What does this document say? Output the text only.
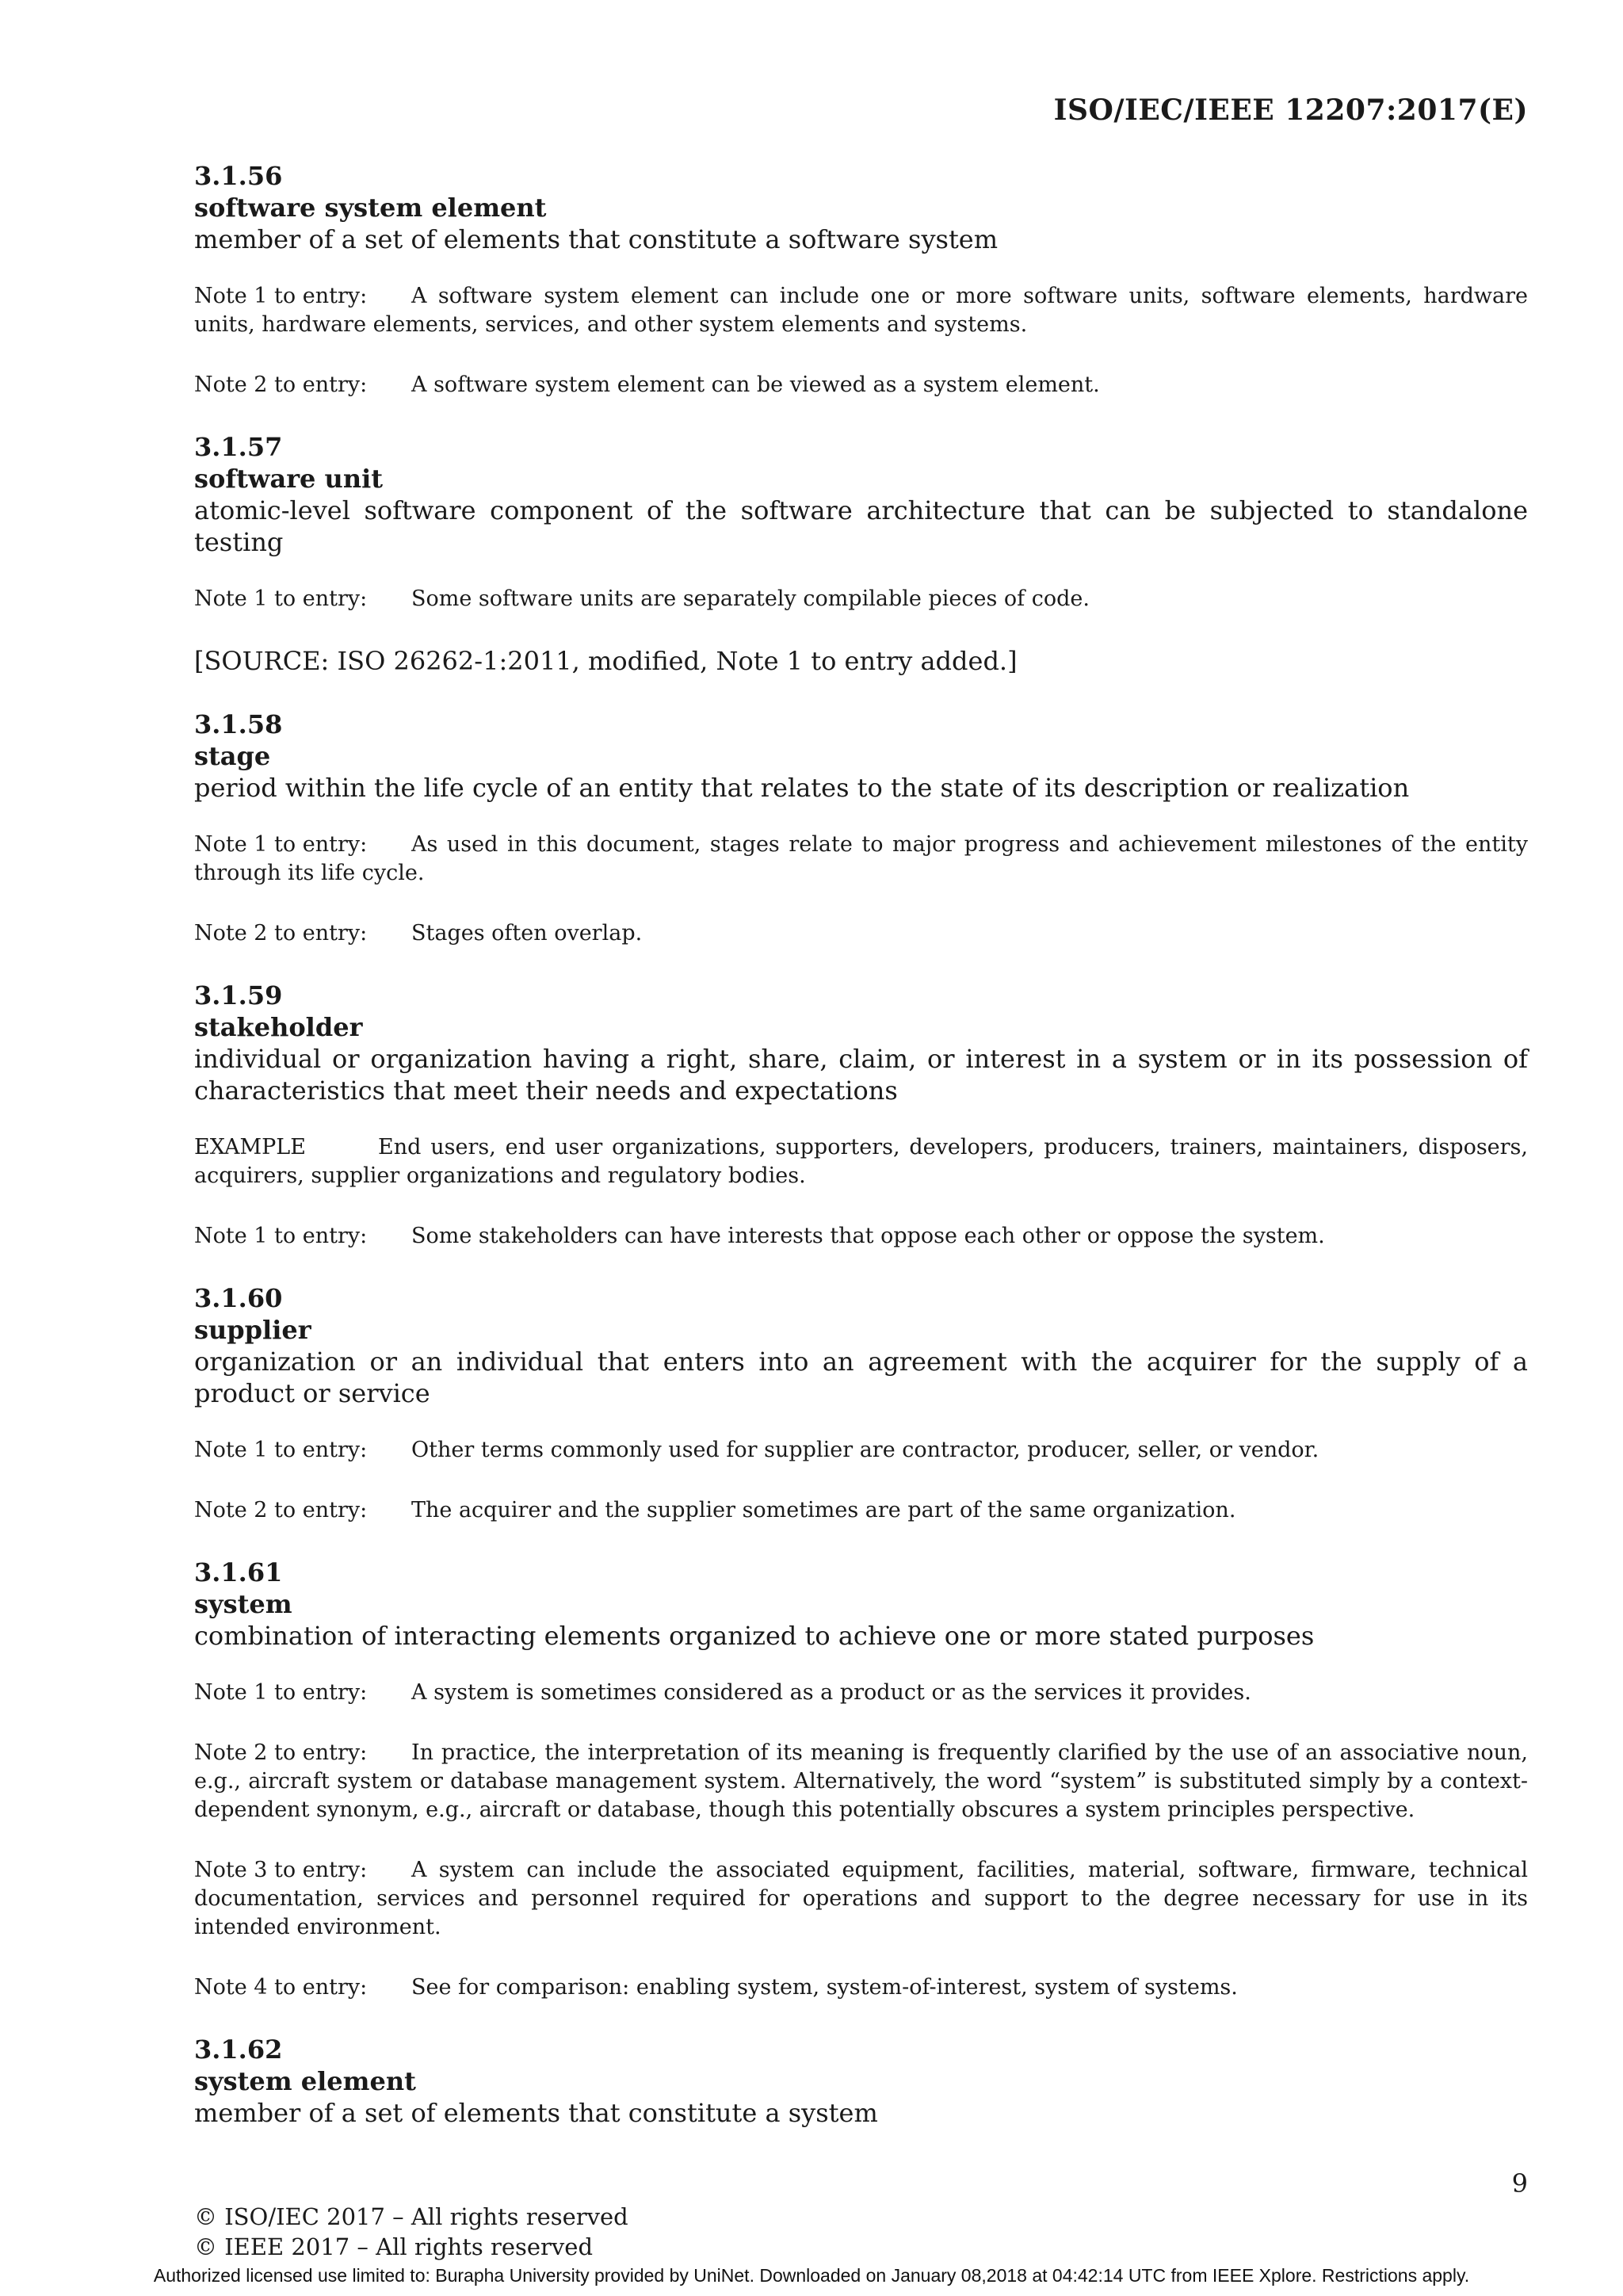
ISO/IEC/IEEE 12207:2017(E)
3.1.56
software system element
member of a set of elements that constitute a software system
Note 1 to entry: A software system element can include one or more software units, software elements, hardware units, hardware elements, services, and other system elements and systems.
Note 2 to entry: A software system element can be viewed as a system element.
3.1.57
software unit
atomic-level software component of the software architecture that can be subjected to standalone testing
Note 1 to entry: Some software units are separately compilable pieces of code.
[SOURCE: ISO 26262-1:2011, modified, Note 1 to entry added.]
3.1.58
stage
period within the life cycle of an entity that relates to the state of its description or realization
Note 1 to entry: As used in this document, stages relate to major progress and achievement milestones of the entity through its life cycle.
Note 2 to entry: Stages often overlap.
3.1.59
stakeholder
individual or organization having a right, share, claim, or interest in a system or in its possession of characteristics that meet their needs and expectations
EXAMPLE	End users, end user organizations, supporters, developers, producers, trainers, maintainers, disposers, acquirers, supplier organizations and regulatory bodies.
Note 1 to entry: Some stakeholders can have interests that oppose each other or oppose the system.
3.1.60
supplier
organization or an individual that enters into an agreement with the acquirer for the supply of a product or service
Note 1 to entry: Other terms commonly used for supplier are contractor, producer, seller, or vendor.
Note 2 to entry: The acquirer and the supplier sometimes are part of the same organization.
3.1.61
system
combination of interacting elements organized to achieve one or more stated purposes
Note 1 to entry: A system is sometimes considered as a product or as the services it provides.
Note 2 to entry: In practice, the interpretation of its meaning is frequently clarified by the use of an associative noun, e.g., aircraft system or database management system. Alternatively, the word “system” is substituted simply by a context-dependent synonym, e.g., aircraft or database, though this potentially obscures a system principles perspective.
Note 3 to entry: A system can include the associated equipment, facilities, material, software, firmware, technical documentation, services and personnel required for operations and support to the degree necessary for use in its intended environment.
Note 4 to entry: See for comparison: enabling system, system-of-interest, system of systems.
3.1.62
system element
member of a set of elements that constitute a system
9
© ISO/IEC 2017 – All rights reserved
© IEEE 2017 – All rights reserved
Authorized licensed use limited to: Burapha University provided by UniNet. Downloaded on January 08,2018 at 04:42:14 UTC from IEEE Xplore. Restrictions apply.
